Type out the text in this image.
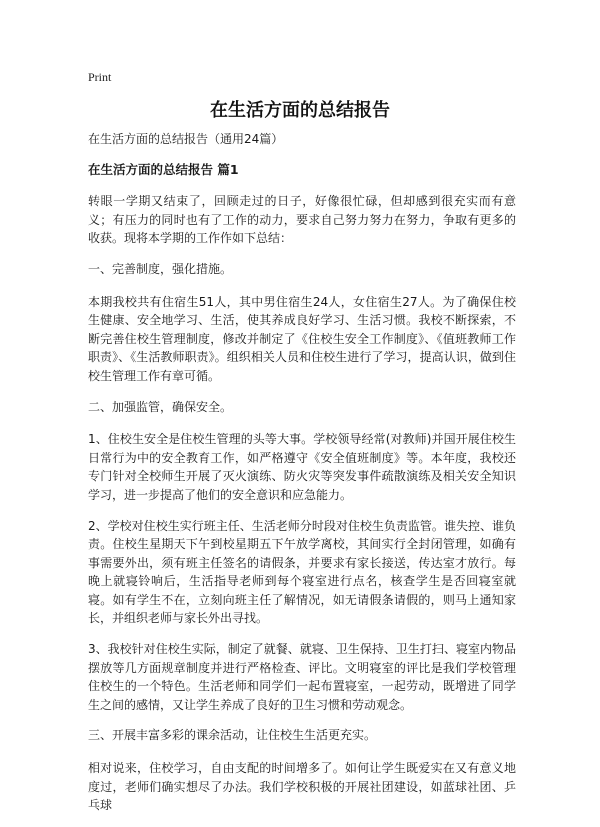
Print
在生活方面的总结报告

在生活方面的总结报告（通用24篇）

在生活方面的总结报告 篇1

转眼一学期又结束了，回顾走过的日子，好像很忙碌，但却感到很充实而有意义；有压力的同时也有了工作的动力，要求自己努力努力在努力，争取有更多的收获。现将本学期的工作作如下总结：

一、完善制度，强化措施。

本期我校共有住宿生51人，其中男住宿生24人，女住宿生27人。为了确保住校生健康、安全地学习、生活，使其养成良好学习、生活习惯。我校不断探索，不断完善住校生管理制度，修改并制定了《住校生安全工作制度》、《值班教师工作职责》、《生活教师职责》。组织相关人员和住校生进行了学习，提高认识，做到住校生管理工作有章可循。

二、加强监管，确保安全。

1、住校生安全是住校生管理的头等大事。学校领导经常(对教师)并国开展住校生日常行为中的安全教育工作，如严格遵守《安全值班制度》等。本年度，我校还专门针对全校师生开展了灭火演练、防火灾等突发事件疏散演练及相关安全知识学习，进一步提高了他们的安全意识和应急能力。

2、学校对住校生实行班主任、生活老师分时段对住校生负责监管。谁失控、谁负责。住校生星期天下午到校星期五下午放学离校，其间实行全封闭管理，如确有事需要外出，须有班主任签名的请假条，并要求有家长接送，传达室才放行。每晚上就寝铃响后，生活指导老师到每个寝室进行点名，核查学生是否回寝室就寝。如有学生不在，立刻向班主任了解情况，如无请假条请假的，则马上通知家长，并组织老师与家长外出寻找。

3、我校针对住校生实际，制定了就餐、就寝、卫生保持、卫生打扫、寝室内物品摆放等几方面规章制度并进行严格检查、评比。文明寝室的评比是我们学校管理住校生的一个特色。生活老师和同学们一起布置寝室，一起劳动，既增进了同学生之间的感情，又让学生养成了良好的卫生习惯和劳动观念。

三、开展丰富多彩的课余活动，让住校生生活更充实。

相对说来，住校学习，自由支配的时间增多了。如何让学生既爱实在又有意义地度过，老师们确实想尽了办法。我们学校积极的开展社团建设，如蓝球社团、乒乓球
